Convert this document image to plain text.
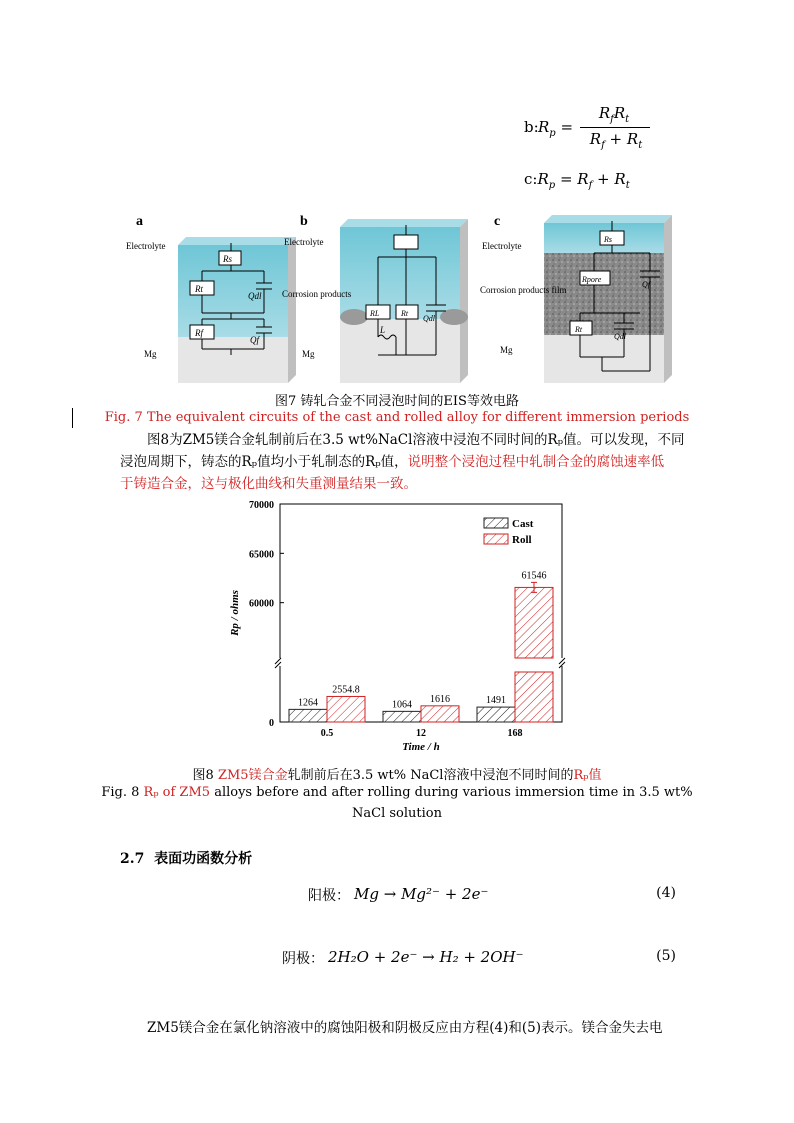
b: $R_p$ =
$R_fR_t$
$R_f + R_t$
$c:R_p = R_f + R_t$
a
Electrolyte
Mg
Rs
Rt
Qdl
Rf
Qf
b
Electrolyte
Corrosion products
Mg
RL	Rt
Qdl
L
c
Electrolyte
Corrosion products film
Mg
Rs
Rpore
Qf
Rt
Qdl
图7 铸轧合金不同浸泡时间的EIS等效电路
Fig. 7 The equivalent circuits of the cast and rolled alloy for different immersion periods
图8为ZM5镁合金轧制前后在3.5 wt%NaCl溶液中浸泡不同时间的Rₚ值。可以发现，不同
浸泡周期下，铸态的Rₚ值均小于轧制态的Rₚ值，说明整个浸泡过程中轧制合金的腐蚀速率低
于铸造合金，这与极化曲线和失重测量结果一致。
0
60000
65000
70000
Rp / ohms
1264
2554.8
0.5
1064
1616
12
1491
61546
168
Time / h
Cast
Roll
图8 ZM5镁合金轧制前后在3.5 wt% NaCl溶液中浸泡不同时间的Rₚ值
Fig. 8 Rₚ of ZM5 alloys before and after rolling during various immersion time in 3.5 wt%
NaCl solution
2.7 表面功函数分析
阳极： Mg → Mg²⁻ + 2e⁻	(4)
阴极： 2H₂O + 2e⁻ → H₂ + 2OH⁻	(5)
ZM5镁合金在氯化钠溶液中的腐蚀阳极和阴极反应由方程(4)和(5)表示。镁合金失去电
